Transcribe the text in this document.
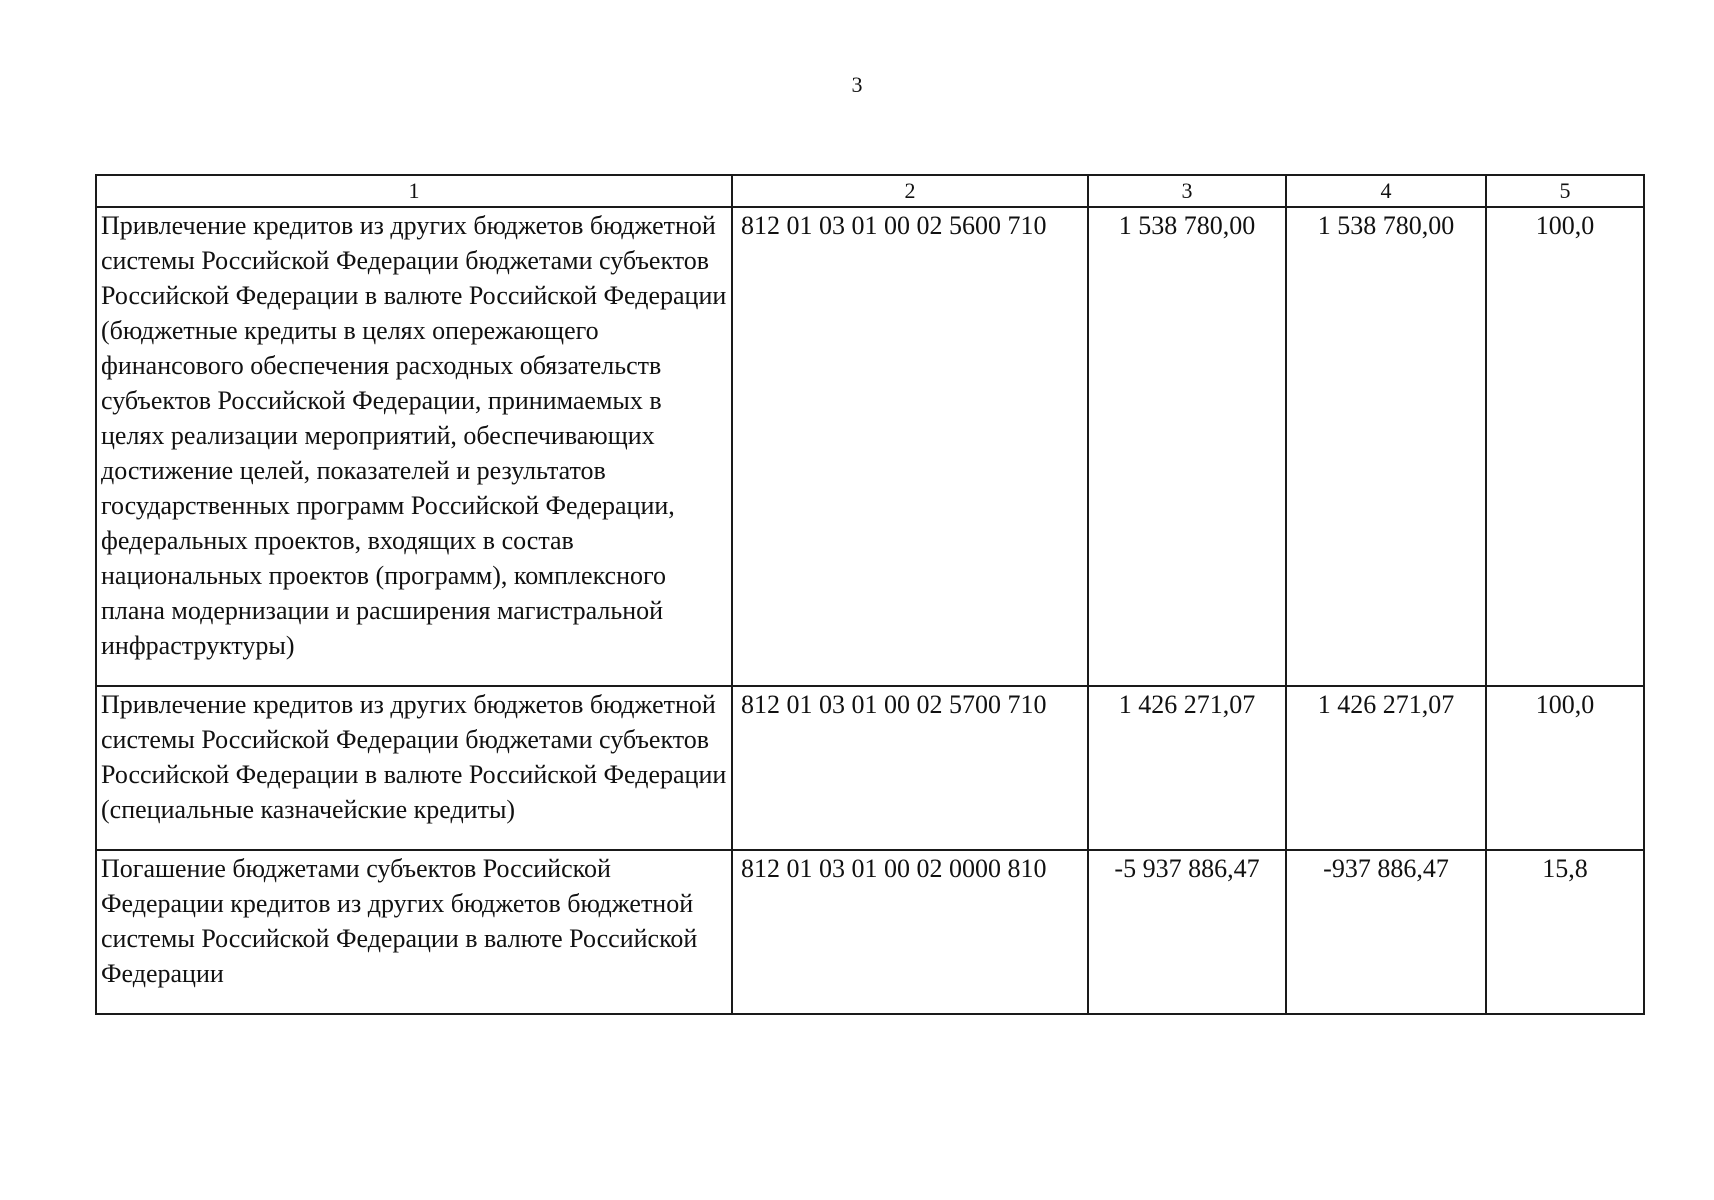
3
1	2	3	4	5
Привлечение кредитов из других бюджетов бюджетной системы Российской Федерации бюджетами субъектов Российской Федерации в валюте Российской Федерации (бюджетные кредиты в целях опережающего финансового обеспечения расходных обязательств субъектов Российской Федерации, принимаемых в целях реализации мероприятий, обеспечивающих достижение целей, показателей и результатов государственных программ Российской Федерации, федеральных проектов, входящих в состав национальных проектов (программ), комплексного плана модернизации и расширения магистральной инфраструктуры)	812 01 03 01 00 02 5600 710	1 538 780,00	1 538 780,00	100,0
Привлечение кредитов из других бюджетов бюджетной системы Российской Федерации бюджетами субъектов Российской Федерации в валюте Российской Федерации (специальные казначейские кредиты)	812 01 03 01 00 02 5700 710	1 426 271,07	1 426 271,07	100,0
Погашение бюджетами субъектов Российской Федерации кредитов из других бюджетов бюджетной системы Российской Федерации в валюте Российской Федерации	812 01 03 01 00 02 0000 810	-5 937 886,47	-937 886,47	15,8
